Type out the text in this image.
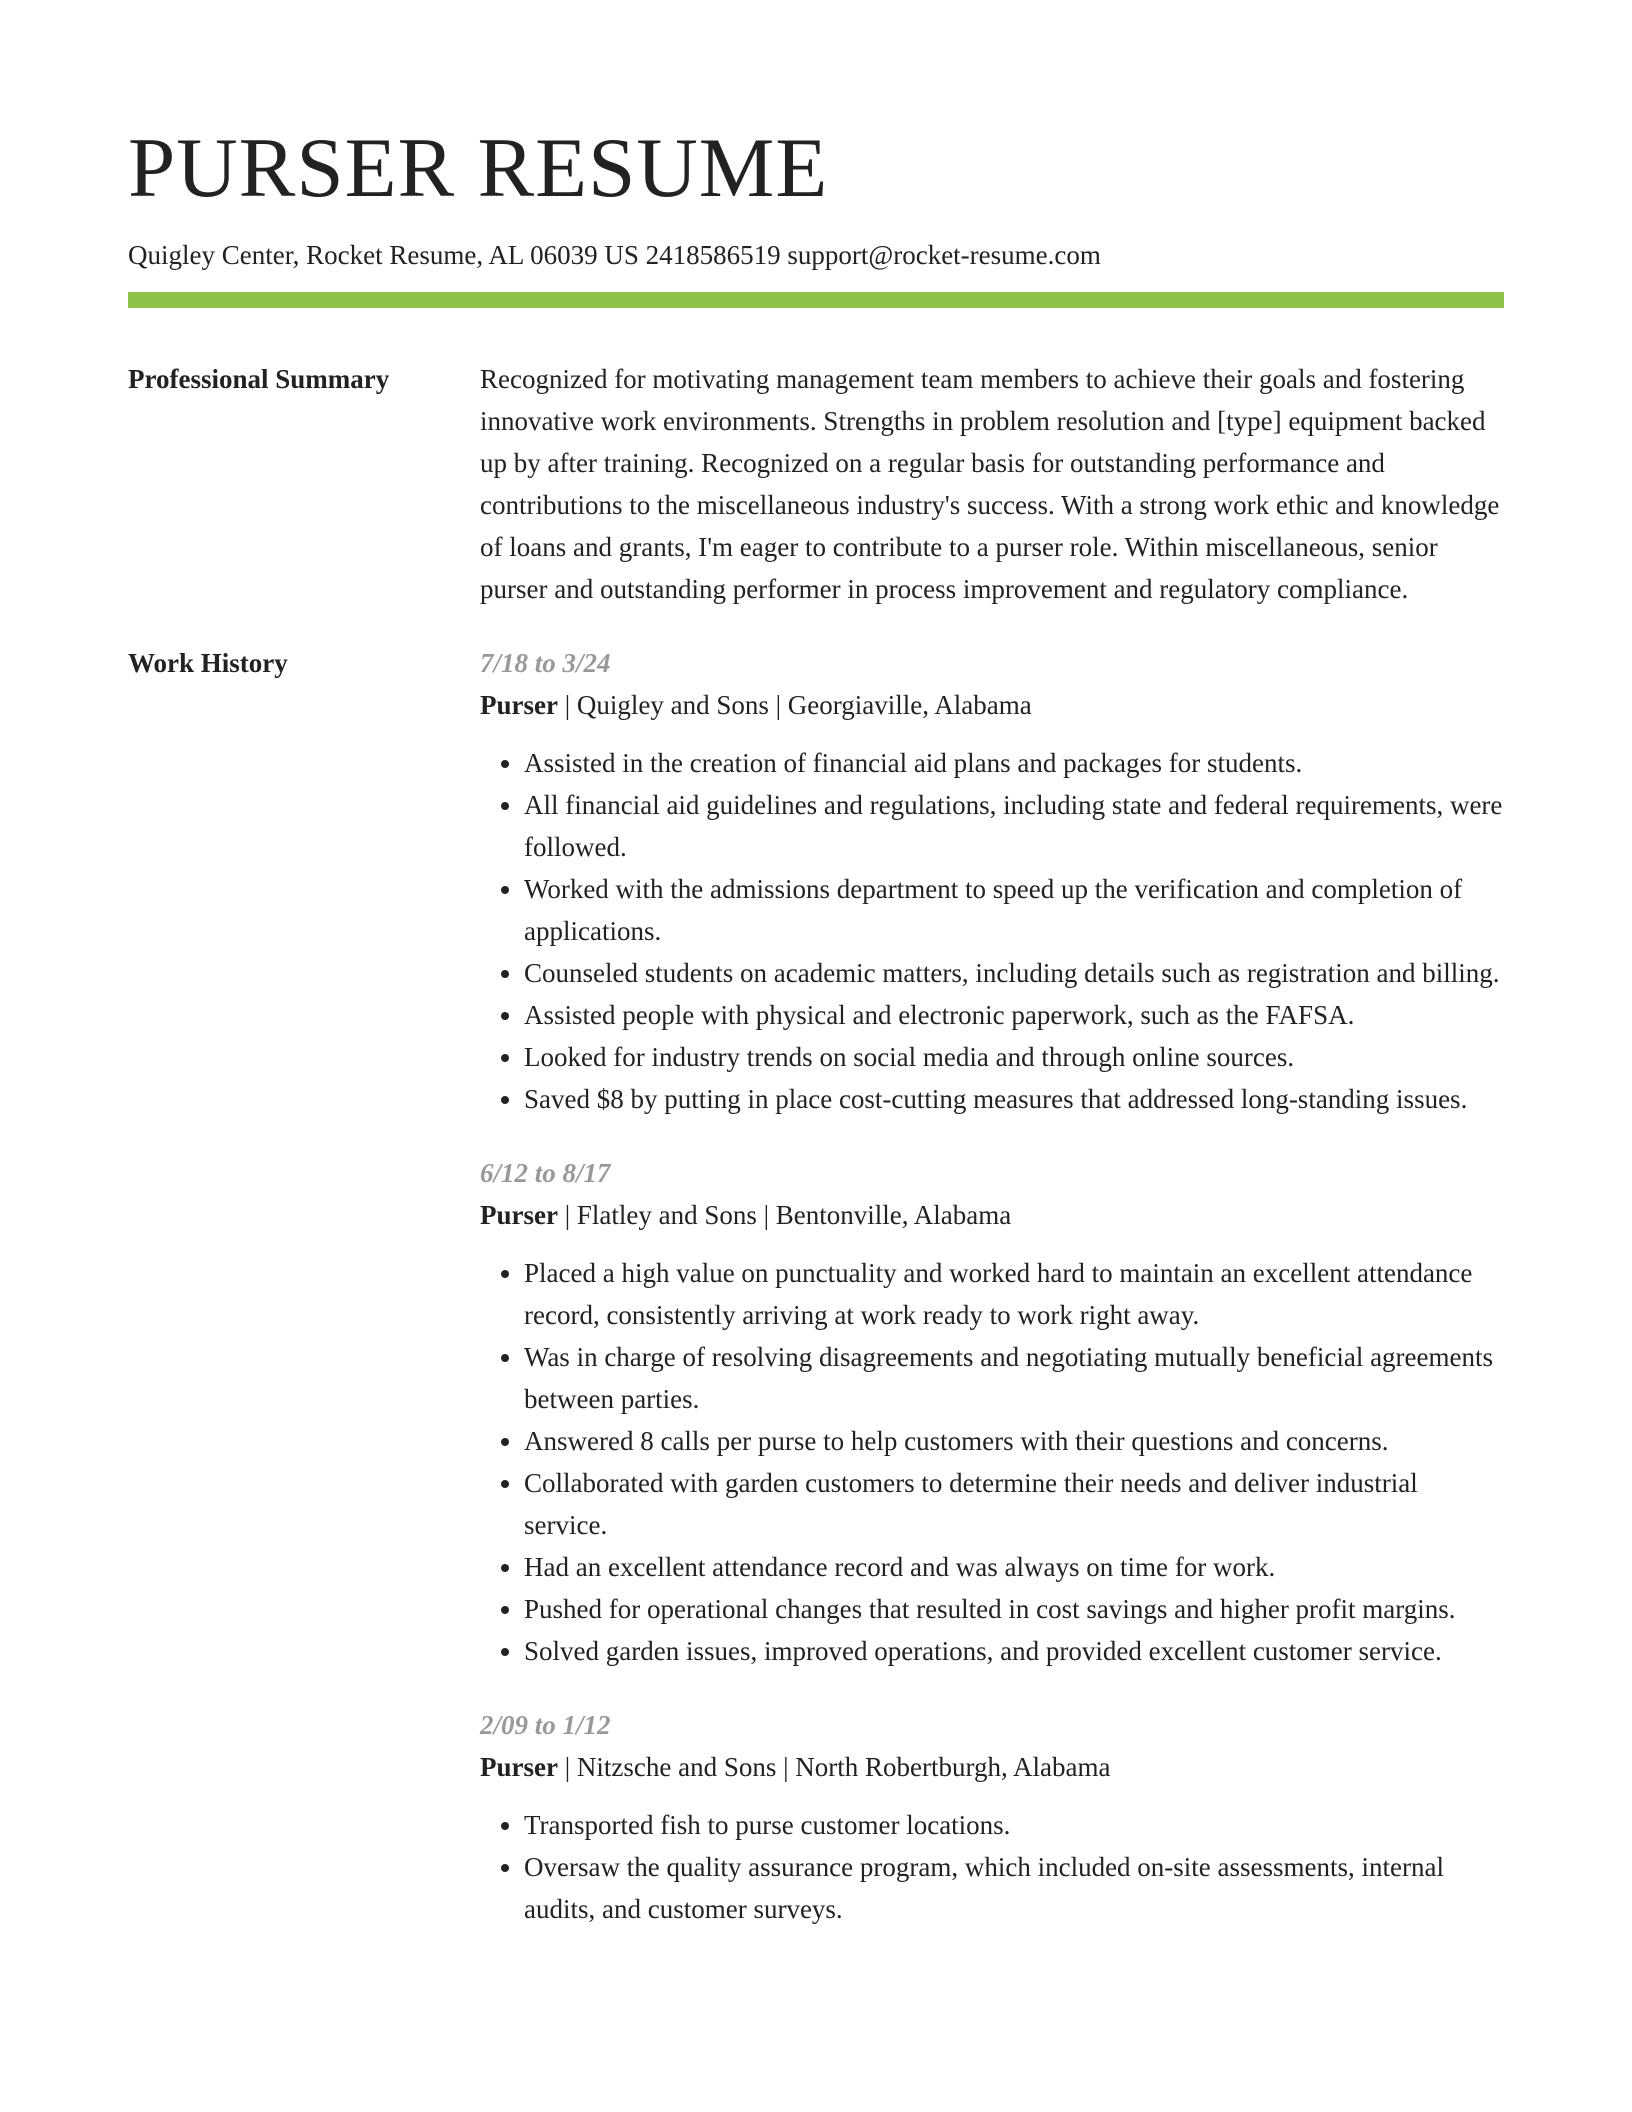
PURSER RESUME
Quigley Center, Rocket Resume, AL 06039 US 2418586519 support@rocket-resume.com
Professional Summary	Recognized for motivating management team members to achieve their goals and fostering innovative work environments. Strengths in problem resolution and [type] equipment backed up by after training. Recognized on a regular basis for outstanding performance and contributions to the miscellaneous industry's success. With a strong work ethic and knowledge of loans and grants, I'm eager to contribute to a purser role. Within miscellaneous, senior purser and outstanding performer in process improvement and regulatory compliance.

Work History	7/18 to 3/24
Purser | Quigley and Sons | Georgiaville, Alabama
• Assisted in the creation of financial aid plans and packages for students.
• All financial aid guidelines and regulations, including state and federal requirements, were followed.
• Worked with the admissions department to speed up the verification and completion of applications.
• Counseled students on academic matters, including details such as registration and billing.
• Assisted people with physical and electronic paperwork, such as the FAFSA.
• Looked for industry trends on social media and through online sources.
• Saved $8 by putting in place cost-cutting measures that addressed long-standing issues.
6/12 to 8/17
Purser | Flatley and Sons | Bentonville, Alabama
• Placed a high value on punctuality and worked hard to maintain an excellent attendance record, consistently arriving at work ready to work right away.
• Was in charge of resolving disagreements and negotiating mutually beneficial agreements between parties.
• Answered 8 calls per purse to help customers with their questions and concerns.
• Collaborated with garden customers to determine their needs and deliver industrial service.
• Had an excellent attendance record and was always on time for work.
• Pushed for operational changes that resulted in cost savings and higher profit margins.
• Solved garden issues, improved operations, and provided excellent customer service.
2/09 to 1/12
Purser | Nitzsche and Sons | North Robertburgh, Alabama
• Transported fish to purse customer locations.
• Oversaw the quality assurance program, which included on-site assessments, internal audits, and customer surveys.
